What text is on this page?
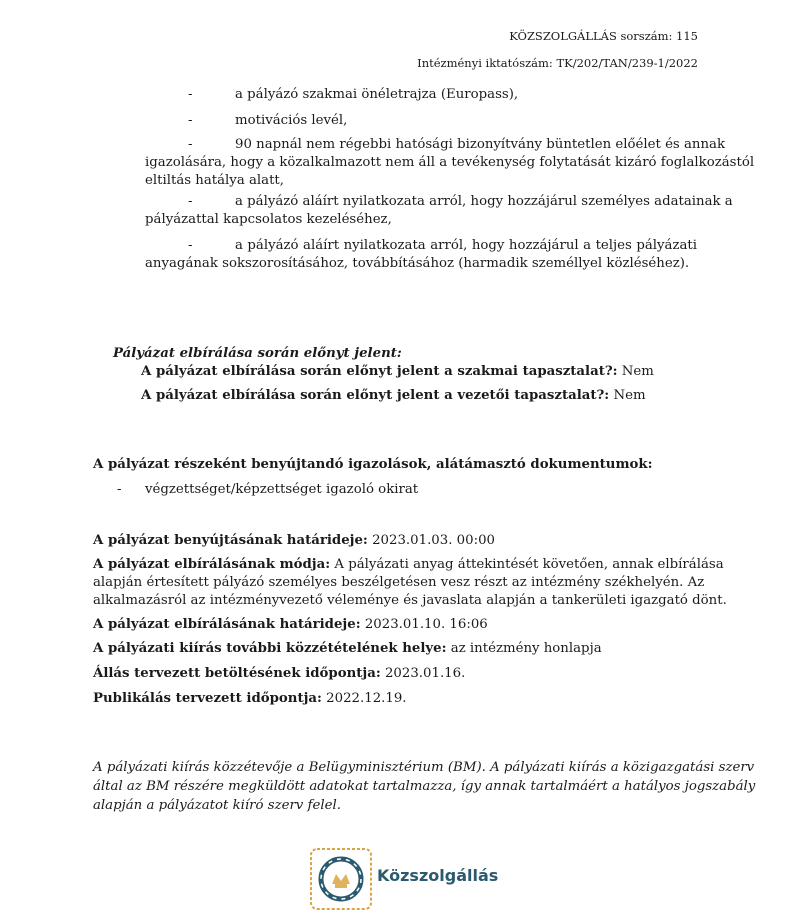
KÖZSZOLGÁLLÁS sorszám: 115
Intézményi iktatószám: TK/202/TAN/239-1/2022
-	a pályázó szakmai önéletrajza (Europass),
-	motivációs levél,
-	90 napnál nem régebbi hatósági bizonyítvány büntetlen előélet és annak
igazolására, hogy a közalkalmazott nem áll a tevékenység folytatását kizáró foglalkozástól
eltiltás hatálya alatt,
-	a pályázó aláírt nyilatkozata arról, hogy hozzájárul személyes adatainak a
pályázattal kapcsolatos kezeléséhez,
-	a pályázó aláírt nyilatkozata arról, hogy hozzájárul a teljes pályázati
anyagának sokszorosításához, továbbításához (harmadik személlyel közléséhez).
Pályázat elbírálása során előnyt jelent:
A pályázat elbírálása során előnyt jelent a szakmai tapasztalat?: Nem
A pályázat elbírálása során előnyt jelent a vezetői tapasztalat?: Nem
A pályázat részeként benyújtandó igazolások, alátámasztó dokumentumok:
- végzettséget/képzettséget igazoló okirat
A pályázat benyújtásának határideje: 2023.01.03. 00:00
A pályázat elbírálásának módja: A pályázati anyag áttekintését követően, annak elbírálása
alapján értesített pályázó személyes beszélgetésen vesz részt az intézmény székhelyén. Az
alkalmazásról az intézményvezető véleménye és javaslata alapján a tankerületi igazgató dönt.
A pályázat elbírálásának határideje: 2023.01.10. 16:06
A pályázati kiírás további közzétételének helye: az intézmény honlapja
Állás tervezett betöltésének időpontja: 2023.01.16.
Publikálás tervezett időpontja: 2022.12.19.
A pályázati kiírás közzétevője a Belügyminisztérium (BM). A pályázati kiírás a közigazgatási szerv
által az BM részére megküldött adatokat tartalmazza, így annak tartalmáért a hatályos jogszabály
alapján a pályázatot kiíró szerv felel.
Közszolgállás
